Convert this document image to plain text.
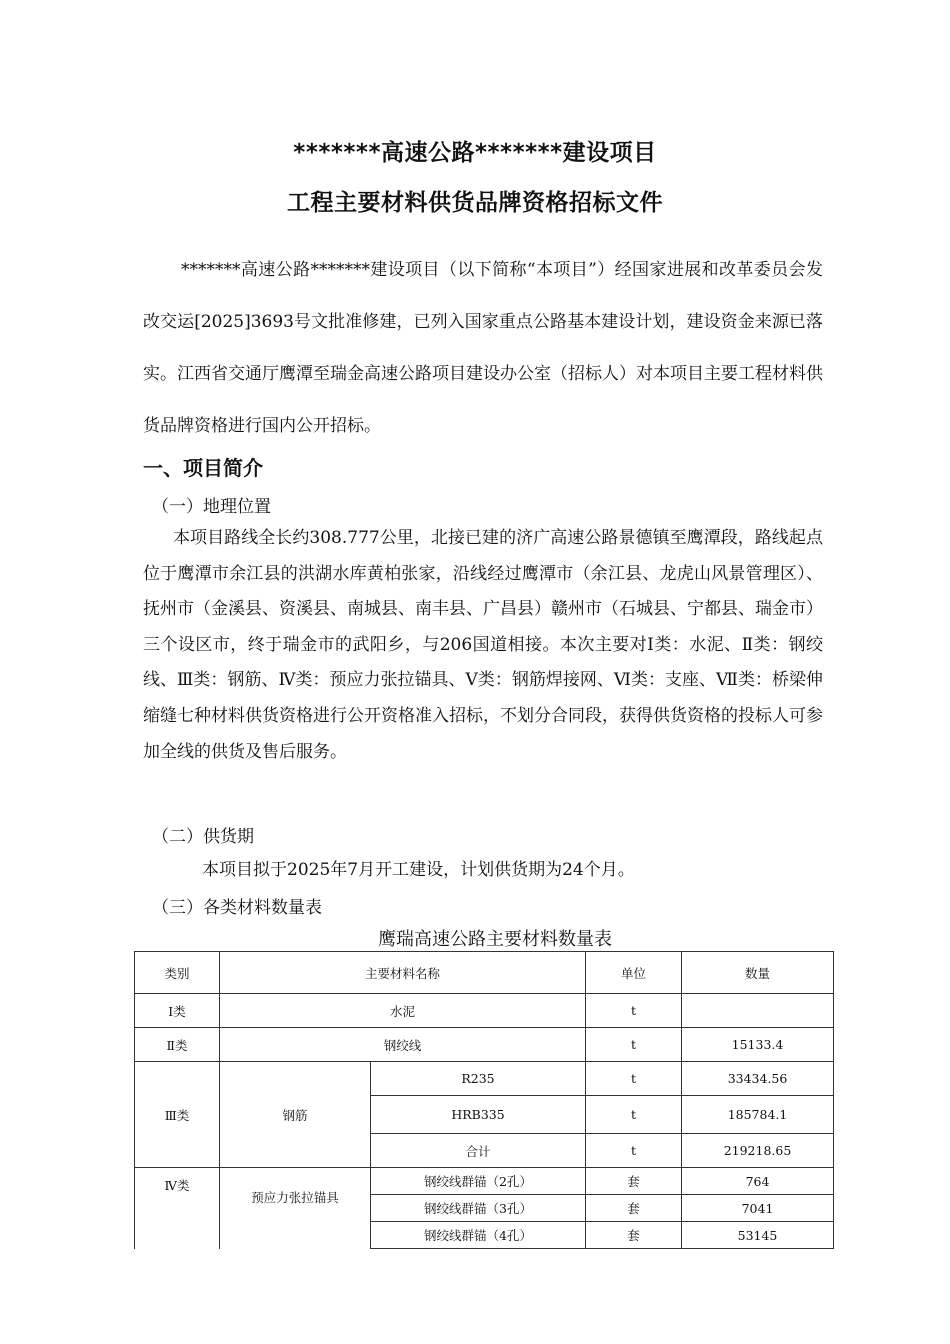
*******高速公路*******建设项目
工程主要材料供货品牌资格招标文件

*******高速公路*******建设项目（以下简称“本项目”）经国家进展和改革委员会发改交运[2025]3693号文批准修建，已列入国家重点公路基本建设计划，建设资金来源已落实。江西省交通厅鹰潭至瑞金高速公路项目建设办公室（招标人）对本项目主要工程材料供货品牌资格进行国内公开招标。

一、项目简介
（一）地理位置

本项目路线全长约308.777公里，北接已建的济广高速公路景德镇至鹰潭段，路线起点位于鹰潭市余江县的洪湖水库黄柏张家，沿线经过鹰潭市（余江县、龙虎山风景管理区）、抚州市（金溪县、资溪县、南城县、南丰县、广昌县）赣州市（石城县、宁都县、瑞金市）三个设区市，终于瑞金市的武阳乡，与206国道相接。本次主要对Ⅰ类：水泥、Ⅱ类：钢绞线、Ⅲ类：钢筋、Ⅳ类：预应力张拉锚具、Ⅴ类：钢筋焊接网、Ⅵ类：支座、Ⅶ类：桥梁伸缩缝七种材料供货资格进行公开资格准入招标，不划分合同段，获得供货资格的投标人可参加全线的供货及售后服务。

（二）供货期

本项目拟于2025年7月开工建设，计划供货期为24个月。

（三）各类材料数量表
鹰瑞高速公路主要材料数量表
类别	主要材料名称		单位	数量
Ⅰ类	水泥		t	
Ⅱ类	钢绞线		t	15133.4
Ⅲ类	钢筋	R235	t	33434.56
		HRB335	t	185784.1
		合计	t	219218.65
Ⅳ类	预应力张拉锚具	钢绞线群锚（2孔）	套	764
		钢绞线群锚（3孔）	套	7041
		钢绞线群锚（4孔）	套	53145
